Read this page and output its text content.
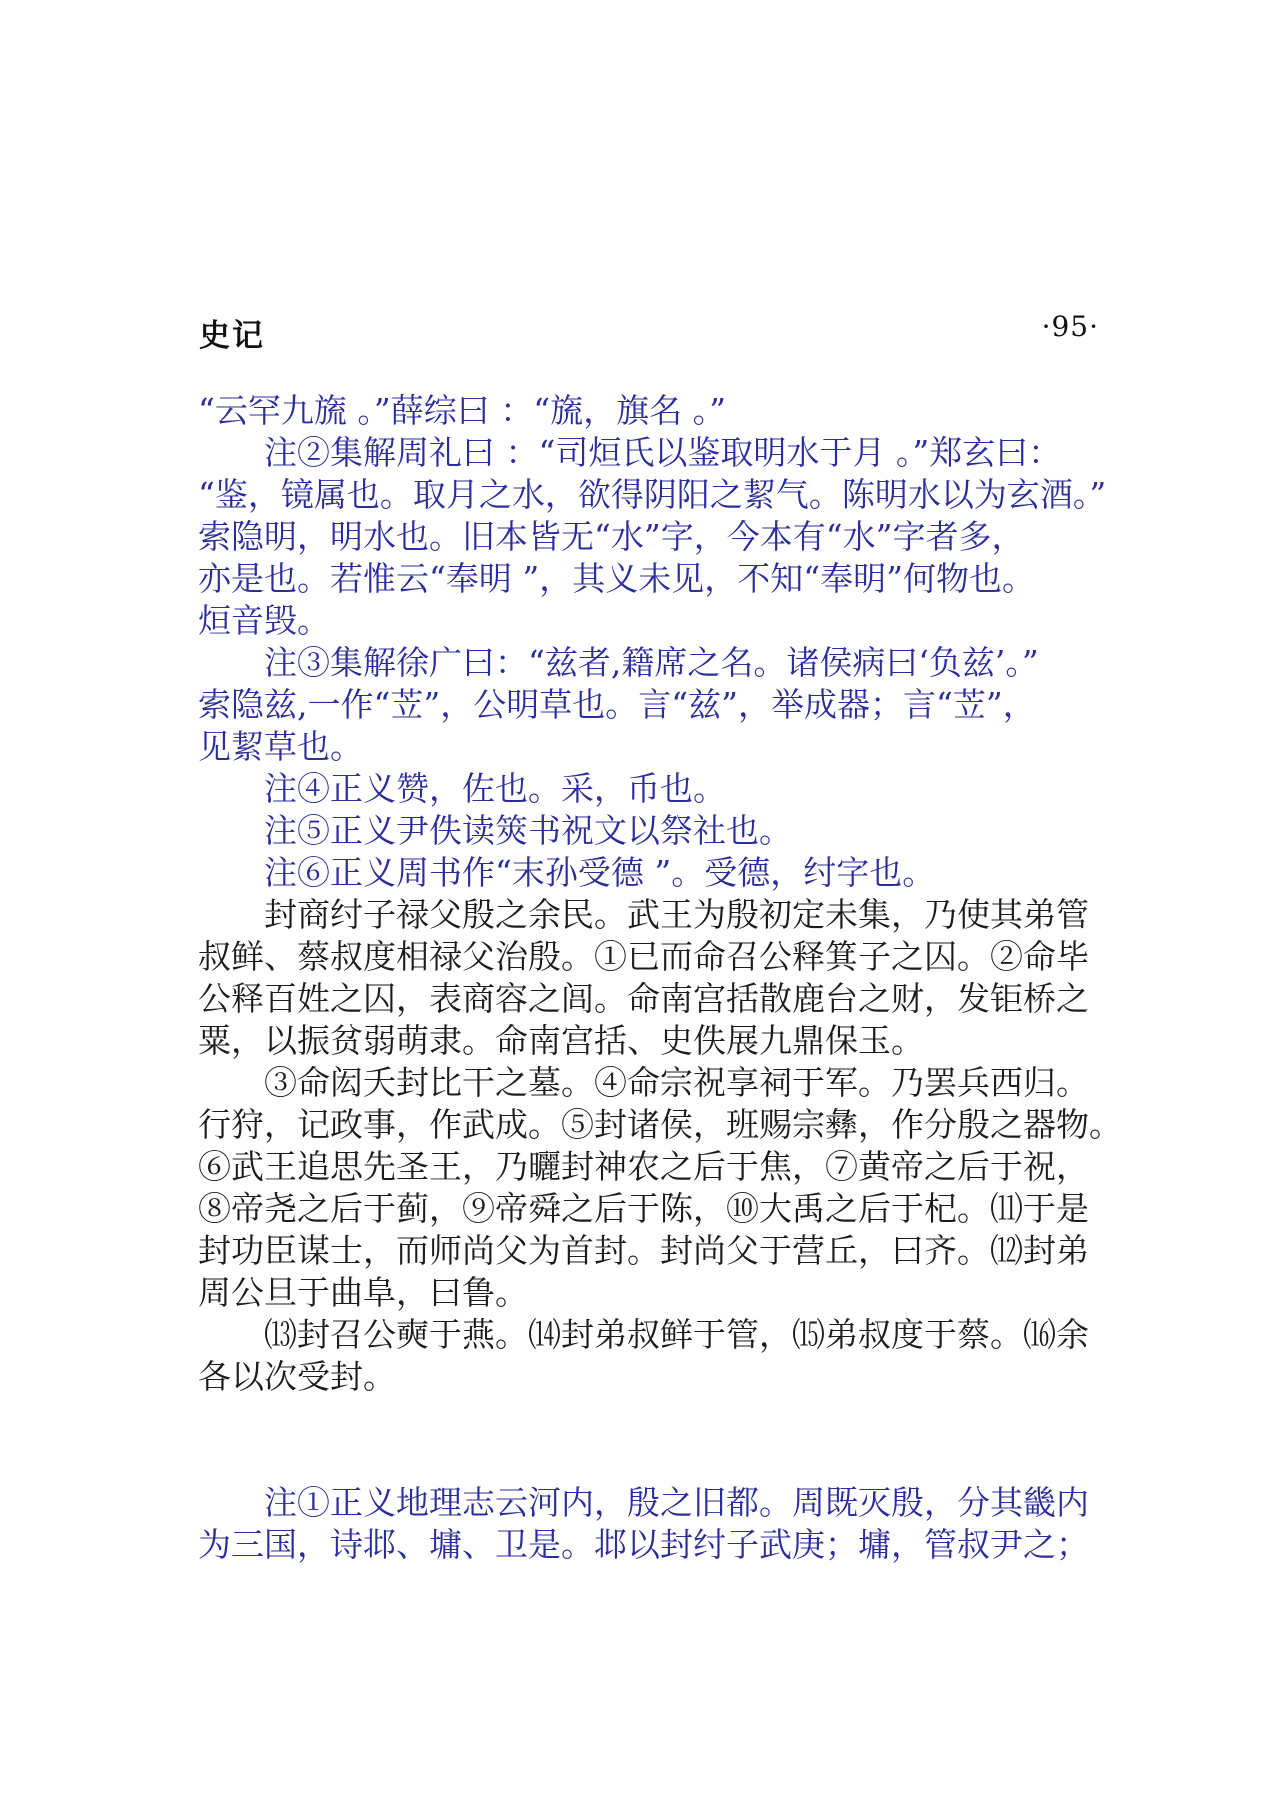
史记	·95·
“云罕九旒 。”薛综曰 ：“旒，旗名 。”
注②集解周礼曰 ：“司烜氏以鉴取明水于月 。”郑玄曰：
“鉴，镜属也。取月之水，欲得阴阳之絜气。陈明水以为玄酒。”
索隐明，明水也。旧本皆无“水”字，今本有“水”字者多，
亦是也。若惟云“奉明 ”，其义未见，不知“奉明”何物也。
烜音毁。
注③集解徐广曰：“兹者,籍席之名。诸侯病曰‘负兹’。”
索隐兹,一作“苙”，公明草也。言“兹”，举成器；言“苙”，
见絜草也。
注④正义赞，佐也。采，币也。
注⑤正义尹佚读筴书祝文以祭社也。
注⑥正义周书作“末孙受德 ”。受德，纣字也。
封商纣子禄父殷之余民。武王为殷初定未集，乃使其弟管
叔鲜、蔡叔度相禄父治殷。①已而命召公释箕子之囚。②命毕
公释百姓之囚，表商容之闾。命南宫括散鹿台之财，发钜桥之
粟，以振贫弱萌隶。命南宫括、史佚展九鼎保玉。
③命闳夭封比干之墓。④命宗祝享祠于军。乃罢兵西归。
行狩，记政事，作武成。⑤封诸侯，班赐宗彝，作分殷之器物。
⑥武王追思先圣王，乃曬封神农之后于焦，⑦黄帝之后于祝，
⑧帝尧之后于蓟，⑨帝舜之后于陈，⑩大禹之后于杞。⑾于是
封功臣谋士，而师尚父为首封。封尚父于营丘，曰齐。⑿封弟
周公旦于曲阜，曰鲁。
⒀封召公奭于燕。⒁封弟叔鲜于管，⒂弟叔度于蔡。⒃余
各以次受封。
注①正义地理志云河内，殷之旧都。周既灭殷，分其畿内
为三国，诗邶、墉、卫是。邶以封纣子武庚；墉，管叔尹之；
